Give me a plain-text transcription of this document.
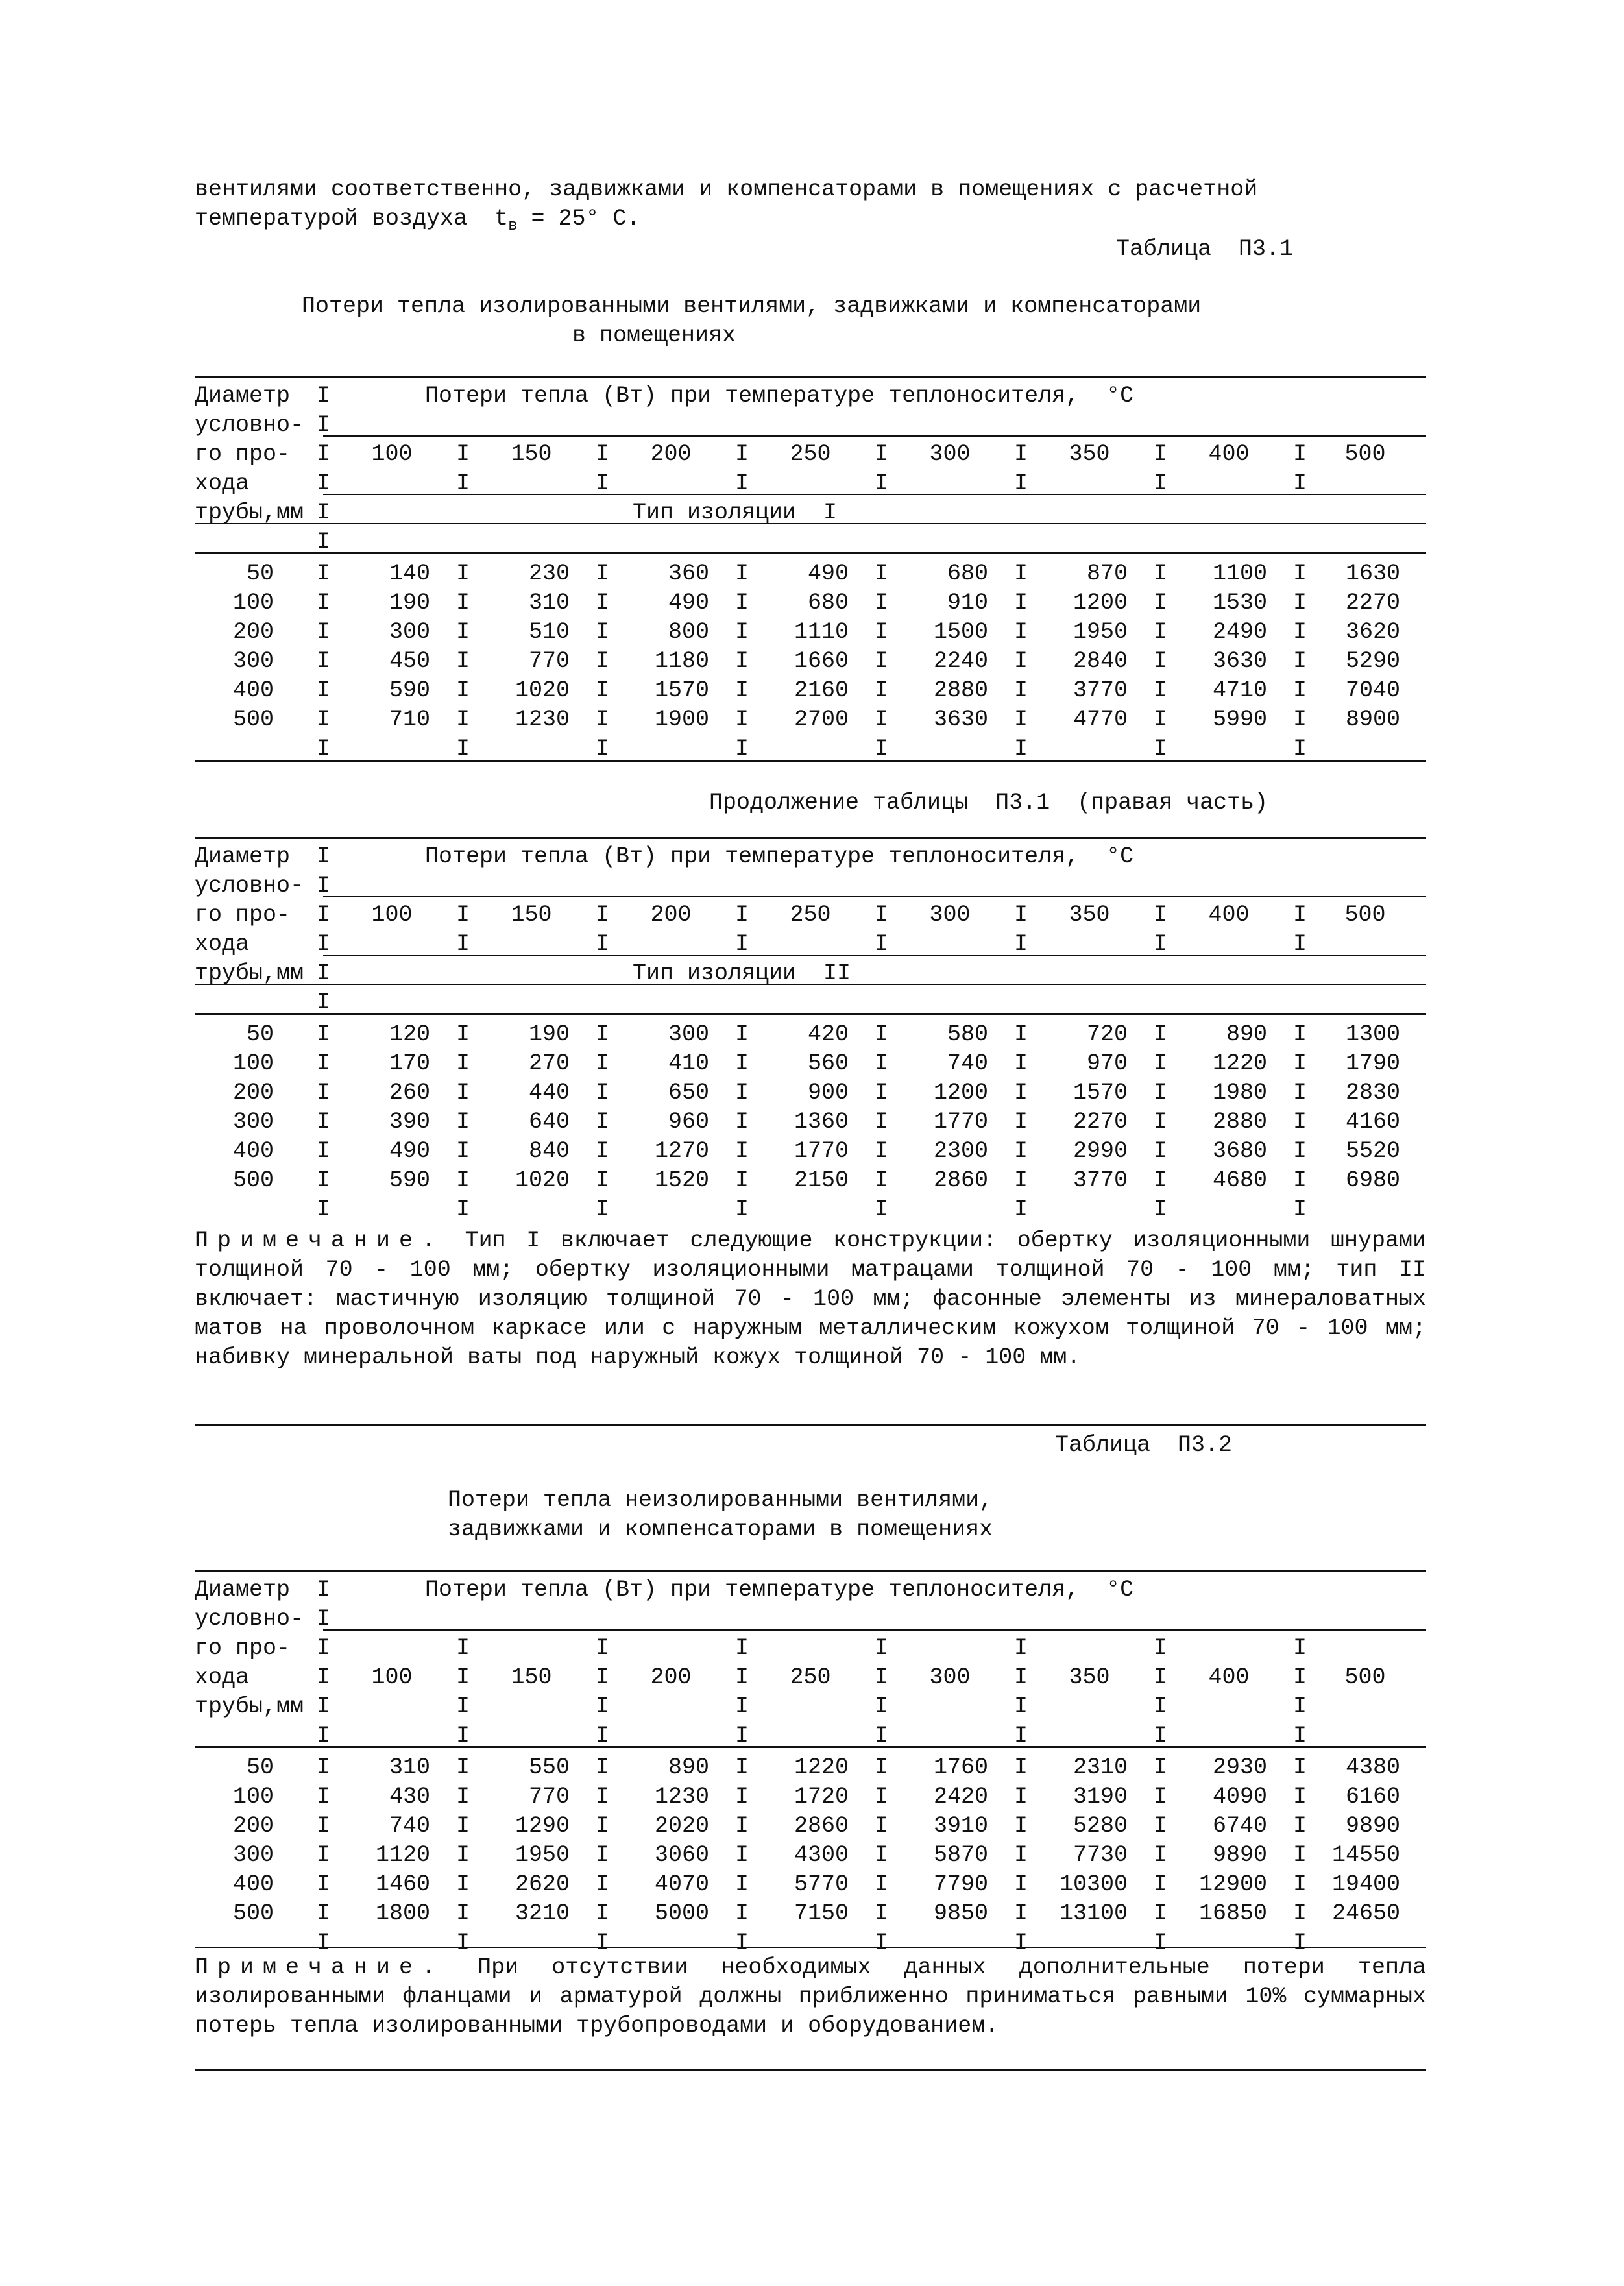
вентилями соответственно, задвижками и компенсаторами в помещениях с расчетной
температурой воздуха  $t_в = 25^\circ$ С.
Таблица  П3.1
Потери тепла изолированными вентилями, задвижками и компенсаторами
в помещениях
Диаметр
условно-
го про-
хода
трубы,мм
I
I
I
I
I
I
Потери тепла (Вт) при температуре теплоносителя,  °С
100	150	200	250	300	350	400	500
I
I
I
I
I
I
I
I
I
I
I
I
I
I
Тип изоляции  I
50	140	230	360	490	680	870	1100	1630
I	I	I	I	I	I	I	I
100	190	310	490	680	910	1200	1530	2270
I	I	I	I	I	I	I	I
200	300	510	800	1110	1500	1950	2490	3620
I	I	I	I	I	I	I	I
300	450	770	1180	1660	2240	2840	3630	5290
I	I	I	I	I	I	I	I
400	590	1020	1570	2160	2880	3770	4710	7040
I	I	I	I	I	I	I	I
500	710	1230	1900	2700	3630	4770	5990	8900
I	I	I	I	I	I	I	I
I	I	I	I	I	I	I	I
Продолжение таблицы  П3.1  (правая часть)
Диаметр
условно-
го про-
хода
трубы,мм
I
I
I
I
I
I
Потери тепла (Вт) при температуре теплоносителя,  °С
100	150	200	250	300	350	400	500
I
I
I
I
I
I
I
I
I
I
I
I
I
I
Тип изоляции  II
50	120	190	300	420	580	720	890	1300
I	I	I	I	I	I	I	I
100	170	270	410	560	740	970	1220	1790
I	I	I	I	I	I	I	I
200	260	440	650	900	1200	1570	1980	2830
I	I	I	I	I	I	I	I
300	390	640	960	1360	1770	2270	2880	4160
I	I	I	I	I	I	I	I
400	490	840	1270	1770	2300	2990	3680	5520
I	I	I	I	I	I	I	I
500	590	1020	1520	2150	2860	3770	4680	6980
I	I	I	I	I	I	I	I
I	I	I	I	I	I	I	I
Примечание. Тип I включает следующие конструкции: обертку изоляционными шнурами толщиной 70 - 100 мм; обертку изоляционными матрацами толщиной 70 - 100 мм; тип II включает: мастичную изоляцию толщиной 70 - 100 мм; фасонные элементы из минераловатных матов на проволочном каркасе или с наружным металлическим кожухом толщиной 70 - 100 мм; набивку минеральной ваты под наружный кожух толщиной 70 - 100 мм.
Таблица  П3.2
Потери тепла неизолированными вентилями,
задвижками и компенсаторами в помещениях
Диаметр
условно-
го про-
хода
трубы,мм
Потери тепла (Вт) при температуре теплоносителя,  °С
100	150	200	250	300	350	400	500
I
I
I
I
I
I
I
I
I
I
I
I
I
I
I
I
I
I
I
I
I
I
I
I
I
I
I
I
I
I
I
I
I
I
50	310	550	890	1220	1760	2310	2930	4380
I	I	I	I	I	I	I	I
100	430	770	1230	1720	2420	3190	4090	6160
I	I	I	I	I	I	I	I
200	740	1290	2020	2860	3910	5280	6740	9890
I	I	I	I	I	I	I	I
300	1120	1950	3060	4300	5870	7730	9890	14550
I	I	I	I	I	I	I	I
400	1460	2620	4070	5770	7790	10300	12900	19400
I	I	I	I	I	I	I	I
500	1800	3210	5000	7150	9850	13100	16850	24650
I	I	I	I	I	I	I	I
I	I	I	I	I	I	I	I
Примечание. При отсутствии необходимых данных дополнительные потери тепла изолированными фланцами и арматурой должны приближенно приниматься равными 10% суммарных потерь тепла изолированными трубопроводами и оборудованием.
